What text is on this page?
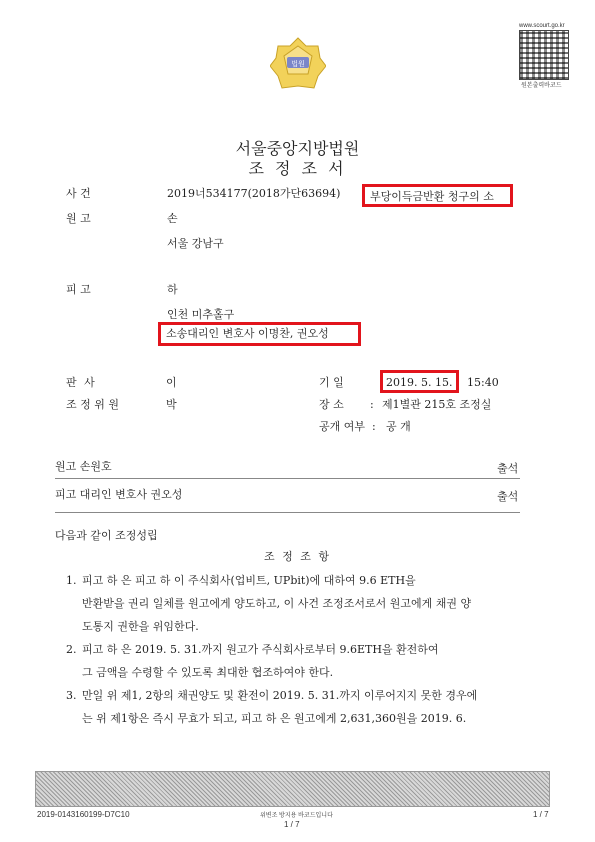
법원
www.scourt.go.kr
원본출력바코드
서울중앙지방법원
조 정 조 서
사 건	2019너534177(2018가단63694)	부당이득금반환 청구의 소
원 고	손
서울 강남구
피 고	하
인천 미추홀구
소송대리인 변호사 이명찬, 권오성
판 사	이	기 일	2019. 5. 15. 15:40
조 정 위 원	박	장 소 : 제1별관 215호 조정실
공개 여부 : 공 개
원고 손원호	출석
피고 대리인 변호사 권오성	출석
다음과 같이 조정성립
조 정 조 항
1. 피고 하 은 피고 하 이 주식회사(업비트, UPbit)에 대하여 9.6 ETH을
반환받을 권리 일체를 원고에게 양도하고, 이 사건 조정조서로서 원고에게 채권 양
도통지 권한을 위임한다.
2. 피고 하 은 2019. 5. 31.까지 원고가 주식회사로부터 9.6ETH을 환전하여
그 금액을 수령할 수 있도록 최대한 협조하여야 한다.
3. 만일 위 제1, 2항의 채권양도 및 환전이 2019. 5. 31.까지 이루어지지 못한 경우에
는 위 제1항은 즉시 무효가 되고, 피고 하 은 원고에게 2,631,360원을 2019. 6.
2019-0143160199-D7C10	위변조 방지용 바코드입니다
1 / 7
1 / 7
